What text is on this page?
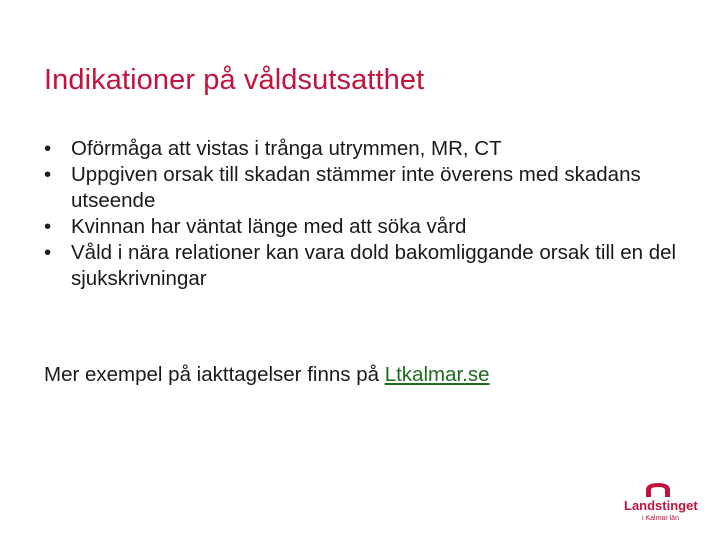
Indikationer på våldsutsatthet
• Oförmåga att vistas i trånga utrymmen, MR, CT
• Uppgiven orsak till skadan stämmer inte överens med skadans utseende
• Kvinnan har väntat länge med att söka vård
• Våld i nära relationer kan vara dold bakomliggande orsak till en del sjukskrivningar

Mer exempel på iakttagelser finns på Ltkalmar.se

Landstinget
i Kalmar län
